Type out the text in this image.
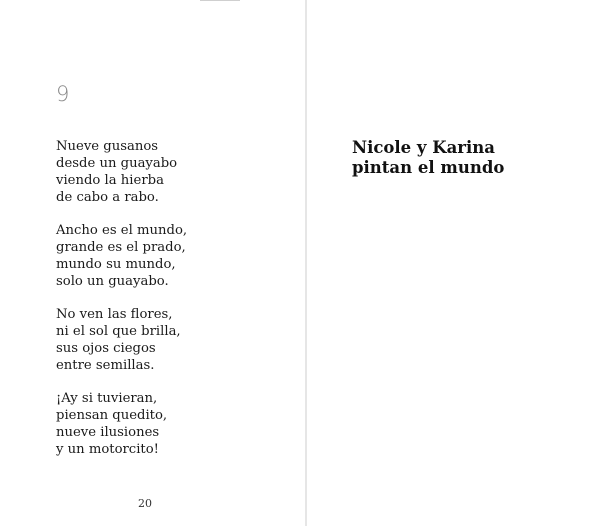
9
Nueve gusanos
desde un guayabo
viendo la hierba
de cabo a rabo.
Ancho es el mundo,
grande es el prado,
mundo su mundo,
solo un guayabo.
No ven las flores,
ni el sol que brilla,
sus ojos ciegos
entre semillas.
¡Ay si tuvieran,
piensan quedito,
nueve ilusiones
y un motorcito!
20
Nicole y Karina
pintan el mundo
